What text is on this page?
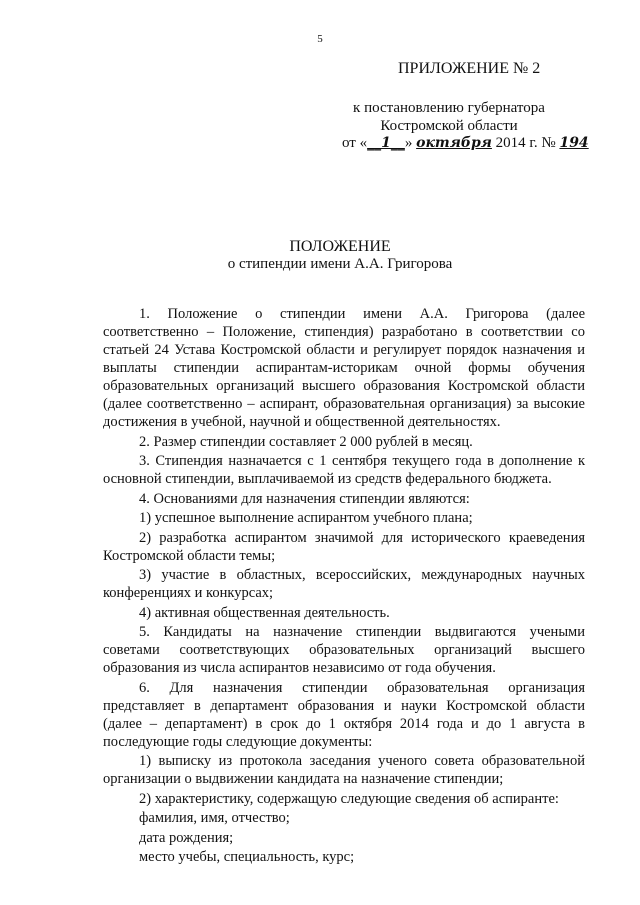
5
ПРИЛОЖЕНИЕ № 2
к постановлению губернатора
Костромской области
от «__1__» октября 2014 г. № 194
ПОЛОЖЕНИЕ
о стипендии имени А.А. Григорова

1. Положение о стипендии имени А.А. Григорова (далее соответственно – Положение, стипендия) разработано в соответствии со статьей 24 Устава Костромской области и регулирует порядок назначения и выплаты стипендии аспирантам-историкам очной формы обучения образовательных организаций высшего образования Костромской области (далее соответственно – аспирант, образовательная организация) за высокие достижения в учебной, научной и общественной деятельностях.

2. Размер стипендии составляет 2 000 рублей в месяц.

3. Стипендия назначается с 1 сентября текущего года в дополнение к основной стипендии, выплачиваемой из средств федерального бюджета.

4. Основаниями для назначения стипендии являются:

1) успешное выполнение аспирантом учебного плана;

2) разработка аспирантом значимой для исторического краеведения Костромской области темы;

3) участие в областных, всероссийских, международных научных конференциях и конкурсах;

4) активная общественная деятельность.

5. Кандидаты на назначение стипендии выдвигаются учеными советами соответствующих образовательных организаций высшего образования из числа аспирантов независимо от года обучения.

6. Для назначения стипендии образовательная организация представляет в департамент образования и науки Костромской области (далее – департамент) в срок до 1 октября 2014 года и до 1 августа в последующие годы следующие документы:

1) выписку из протокола заседания ученого совета образовательной организации о выдвижении кандидата на назначение стипендии;

2) характеристику, содержащую следующие сведения об аспиранте:

фамилия, имя, отчество;

дата рождения;

место учебы, специальность, курс;
